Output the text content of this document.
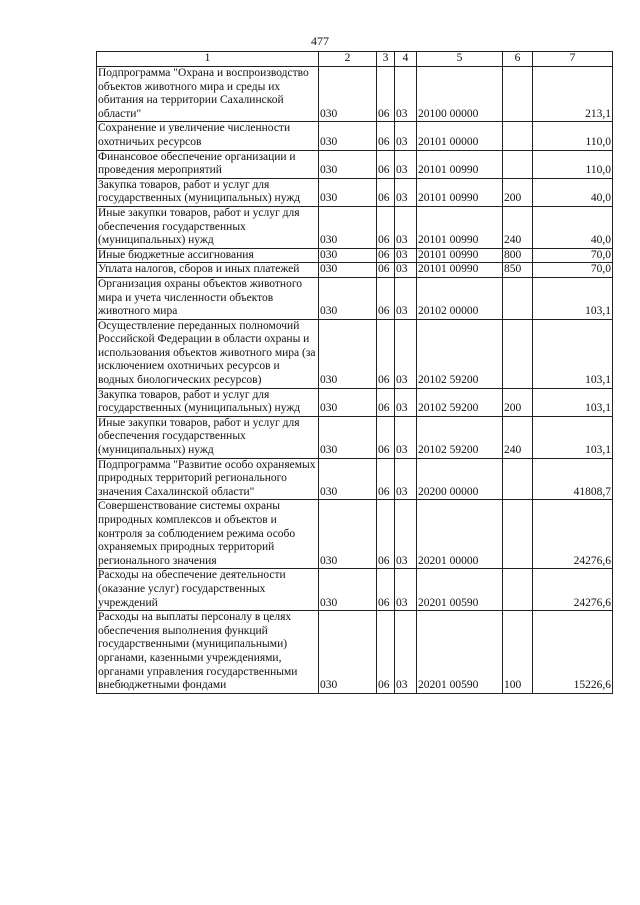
477
1	2	3	4	5	6	7
Подпрограмма "Охрана и воспроизводство объектов животного мира и среды их обитания на территории Сахалинской области"	030	06	03	20100 00000		213,1
Сохранение и увеличение численности охотничьих ресурсов	030	06	03	20101 00000		110,0
Финансовое обеспечение организации и проведения мероприятий	030	06	03	20101 00990		110,0
Закупка товаров, работ и услуг для государственных (муниципальных) нужд	030	06	03	20101 00990	200	40,0
Иные закупки товаров, работ и услуг для обеспечения государственных (муниципальных) нужд	030	06	03	20101 00990	240	40,0
Иные бюджетные ассигнования	030	06	03	20101 00990	800	70,0
Уплата налогов, сборов и иных платежей	030	06	03	20101 00990	850	70,0
Организация охраны объектов животного мира и учета численности объектов животного мира	030	06	03	20102 00000		103,1
Осуществление переданных полномочий Российской Федерации в области охраны и использования объектов животного мира (за исключением охотничьих ресурсов и водных биологических ресурсов)	030	06	03	20102 59200		103,1
Закупка товаров, работ и услуг для государственных (муниципальных) нужд	030	06	03	20102 59200	200	103,1
Иные закупки товаров, работ и услуг для обеспечения государственных (муниципальных) нужд	030	06	03	20102 59200	240	103,1
Подпрограмма "Развитие особо охраняемых природных территорий регионального значения Сахалинской области"	030	06	03	20200 00000		41808,7
Совершенствование системы охраны природных комплексов и объектов и контроля за соблюдением режима особо охраняемых природных территорий регионального значения	030	06	03	20201 00000		24276,6
Расходы на обеспечение деятельности (оказание услуг) государственных учреждений	030	06	03	20201 00590		24276,6
Расходы на выплаты персоналу в целях обеспечения выполнения функций государственными (муниципальными) органами, казенными учреждениями, органами управления государственными внебюджетными фондами	030	06	03	20201 00590	100	15226,6
